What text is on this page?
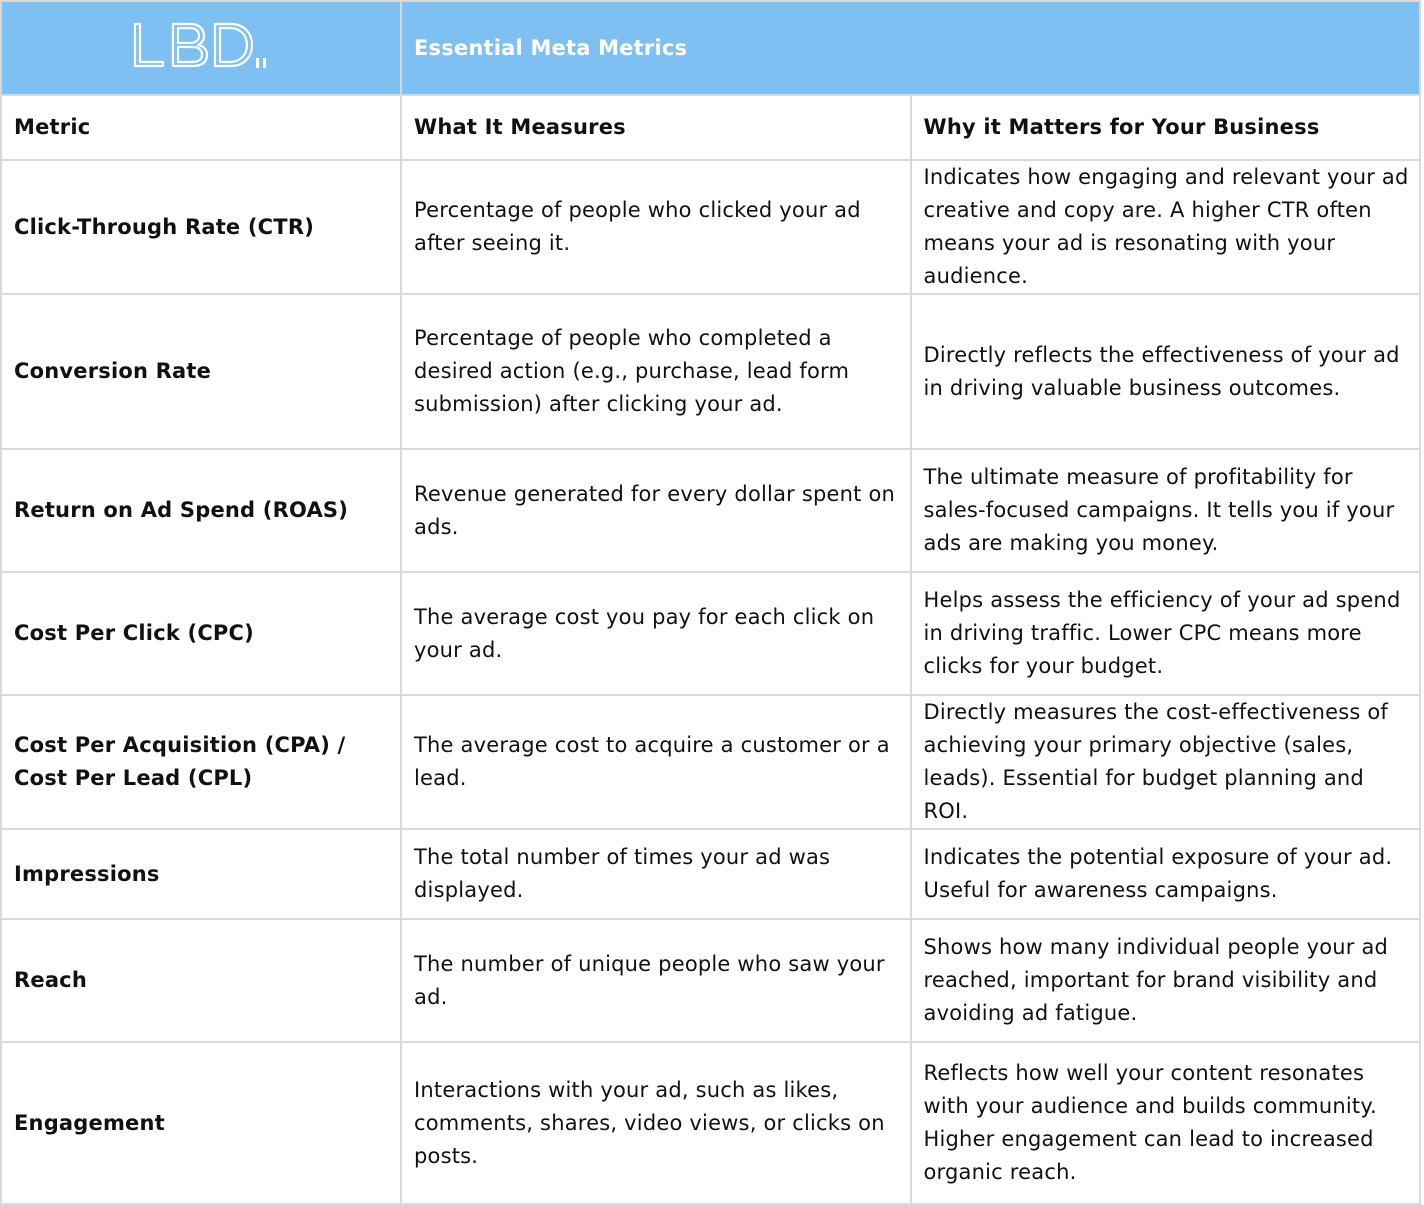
LBD	Essential Meta Metrics	
Metric	What It Measures	Why it Matters for Your Business
Click-Through Rate (CTR)	Percentage of people who clicked your ad after seeing it.	Indicates how engaging and relevant your ad creative and copy are. A higher CTR often means your ad is resonating with your audience.
Conversion Rate	Percentage of people who completed a desired action (e.g., purchase, lead form submission) after clicking your ad.	Directly reflects the effectiveness of your ad in driving valuable business outcomes.
Return on Ad Spend (ROAS)	Revenue generated for every dollar spent on ads.	The ultimate measure of profitability for sales-focused campaigns. It tells you if your ads are making you money.
Cost Per Click (CPC)	The average cost you pay for each click on your ad.	Helps assess the efficiency of your ad spend in driving traffic. Lower CPC means more clicks for your budget.
Cost Per Acquisition (CPA) / Cost Per Lead (CPL)	The average cost to acquire a customer or a lead.	Directly measures the cost-effectiveness of achieving your primary objective (sales, leads). Essential for budget planning and ROI.
Impressions	The total number of times your ad was displayed.	Indicates the potential exposure of your ad. Useful for awareness campaigns.
Reach	The number of unique people who saw your ad.	Shows how many individual people your ad reached, important for brand visibility and avoiding ad fatigue.
Engagement	Interactions with your ad, such as likes, comments, shares, video views, or clicks on posts.	Reflects how well your content resonates with your audience and builds community. Higher engagement can lead to increased organic reach.
